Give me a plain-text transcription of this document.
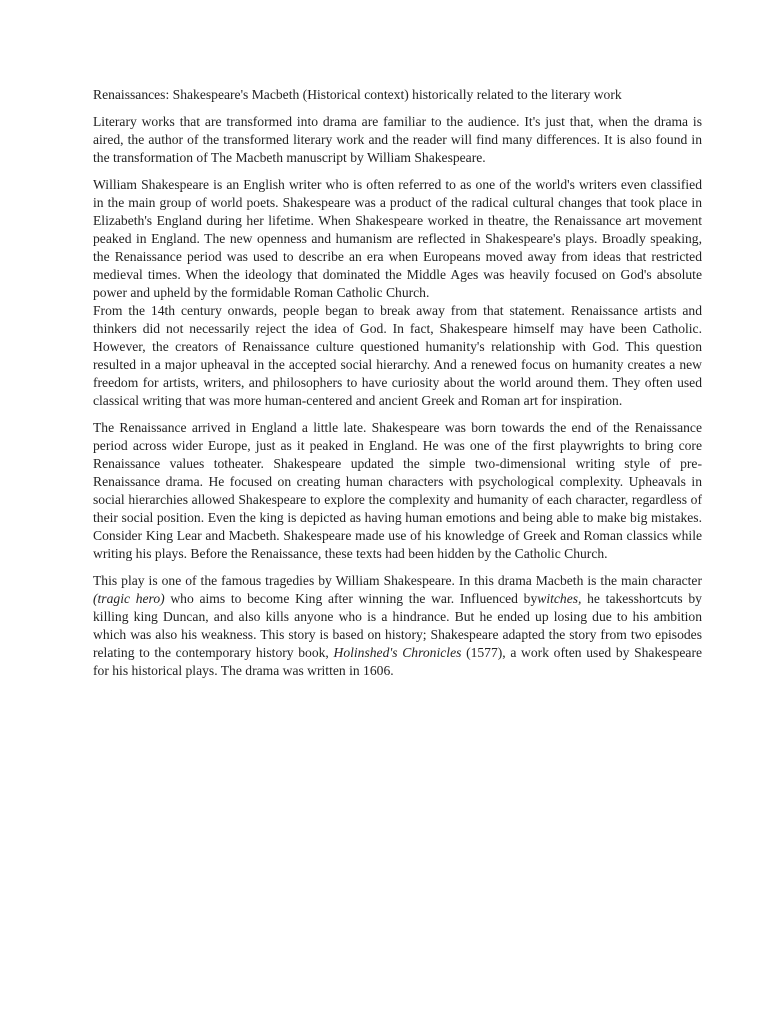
Renaissances: Shakespeare's Macbeth (Historical context) historically related to the literary work

Literary works that are transformed into drama are familiar to the audience. It's just that, when the drama is aired, the author of the transformed literary work and the reader will find many differences. It is also found in the transformation of The Macbeth manuscript by William Shakespeare.

William Shakespeare is an English writer who is often referred to as one of the world's writers even classified in the main group of world poets. Shakespeare was a product of the radical cultural changes that took place in Elizabeth's England during her lifetime. When Shakespeare worked in theatre, the Renaissance art movement peaked in England. The new openness and humanism are reflected in Shakespeare's plays. Broadly speaking, the Renaissance period was used to describe an era when Europeans moved away from ideas that restricted medieval times. When the ideology that dominated the Middle Ages was heavily focused on God's absolute power and upheld by the formidable Roman Catholic Church.

From the 14th century onwards, people began to break away from that statement. Renaissance artists and thinkers did not necessarily reject the idea of God. In fact, Shakespeare himself may have been Catholic. However, the creators of Renaissance culture questioned humanity's relationship with God. This question resulted in a major upheaval in the accepted social hierarchy. And a renewed focus on humanity creates a new freedom for artists, writers, and philosophers to have curiosity about the world around them. They often used classical writing that was more human-centered and ancient Greek and Roman art for inspiration.

The Renaissance arrived in England a little late. Shakespeare was born towards the end of the Renaissance period across wider Europe, just as it peaked in England. He was one of the first playwrights to bring core Renaissance values totheater. Shakespeare updated the simple two-dimensional writing style of pre-Renaissance drama. He focused on creating human characters with psychological complexity. Upheavals in social hierarchies allowed Shakespeare to explore the complexity and humanity of each character, regardless of their social position. Even the king is depicted as having human emotions and being able to make big mistakes. Consider King Lear and Macbeth. Shakespeare made use of his knowledge of Greek and Roman classics while writing his plays. Before the Renaissance, these texts had been hidden by the Catholic Church.

This play is one of the famous tragedies by William Shakespeare. In this drama Macbeth is the main character (tragic hero) who aims to become King after winning the war. Influenced bywitches, he takesshortcuts by killing king Duncan, and also kills anyone who is a hindrance. But he ended up losing due to his ambition which was also his weakness. This story is based on history; Shakespeare adapted the story from two episodes relating to the contemporary history book, Holinshed's Chronicles (1577), a work often used by Shakespeare for his historical plays. The drama was written in 1606.
